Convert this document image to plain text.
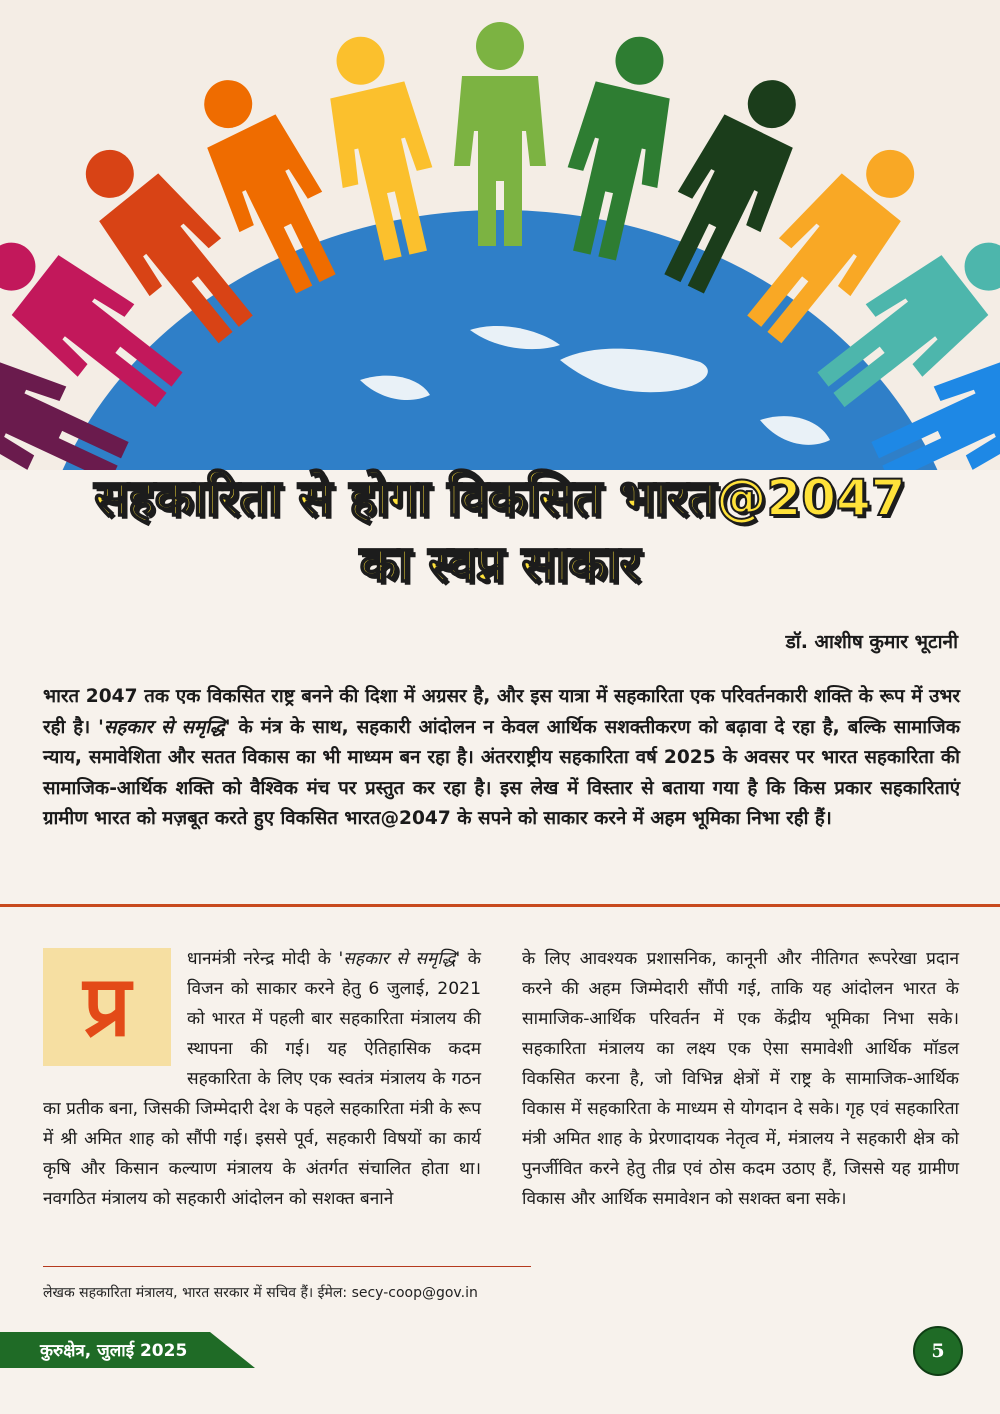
सहकारिता से होगा विकसित भारत@2047
का स्वप्न साकार
डॉ. आशीष कुमार भूटानी
भारत 2047 तक एक विकसित राष्ट्र बनने की दिशा में अग्रसर है, और इस यात्रा में सहकारिता एक परिवर्तनकारी शक्ति के रूप में उभर रही है। 'सहकार से समृद्धि' के मंत्र के साथ, सहकारी आंदोलन न केवल आर्थिक सशक्तीकरण को बढ़ावा दे रहा है, बल्कि सामाजिक न्याय, समावेशिता और सतत विकास का भी माध्यम बन रहा है। अंतरराष्ट्रीय सहकारिता वर्ष 2025 के अवसर पर भारत सहकारिता की सामाजिक-आर्थिक शक्ति को वैश्विक मंच पर प्रस्तुत कर रहा है। इस लेख में विस्तार से बताया गया है कि किस प्रकार सहकारिताएं ग्रामीण भारत को मज़बूत करते हुए विकसित भारत@2047 के सपने को साकार करने में अहम भूमिका निभा रही हैं।
प्र	धानमंत्री नरेन्द्र मोदी के 'सहकार से समृद्धि' के विजन को साकार करने हेतु 6 जुलाई, 2021 को भारत में पहली बार सहकारिता मंत्रालय की स्थापना की गई। यह ऐतिहासिक कदम सहकारिता के लिए एक स्वतंत्र मंत्रालय के गठन का प्रतीक बना, जिसकी जिम्मेदारी देश के पहले सहकारिता मंत्री के रूप में श्री अमित शाह को सौंपी गई। इससे पूर्व, सहकारी विषयों का कार्य कृषि और किसान कल्याण मंत्रालय के अंतर्गत संचालित होता था। नवगठित मंत्रालय को सहकारी आंदोलन को सशक्त बनाने
के लिए आवश्यक प्रशासनिक, कानूनी और नीतिगत रूपरेखा प्रदान करने की अहम जिम्मेदारी सौंपी गई, ताकि यह आंदोलन भारत के सामाजिक-आर्थिक परिवर्तन में एक केंद्रीय भूमिका निभा सके। सहकारिता मंत्रालय का लक्ष्य एक ऐसा समावेशी आर्थिक मॉडल विकसित करना है, जो विभिन्न क्षेत्रों में राष्ट्र के सामाजिक-आर्थिक विकास में सहकारिता के माध्यम से योगदान दे सके। गृह एवं सहकारिता मंत्री अमित शाह के प्रेरणादायक नेतृत्व में, मंत्रालय ने सहकारी क्षेत्र को पुनर्जीवित करने हेतु तीव्र एवं ठोस कदम उठाए हैं, जिससे यह ग्रामीण विकास और आर्थिक समावेशन को सशक्त बना सके।
लेखक सहकारिता मंत्रालय, भारत सरकार में सचिव हैं। ईमेल: secy-coop@gov.in
कुरुक्षेत्र, जुलाई 2025	5
